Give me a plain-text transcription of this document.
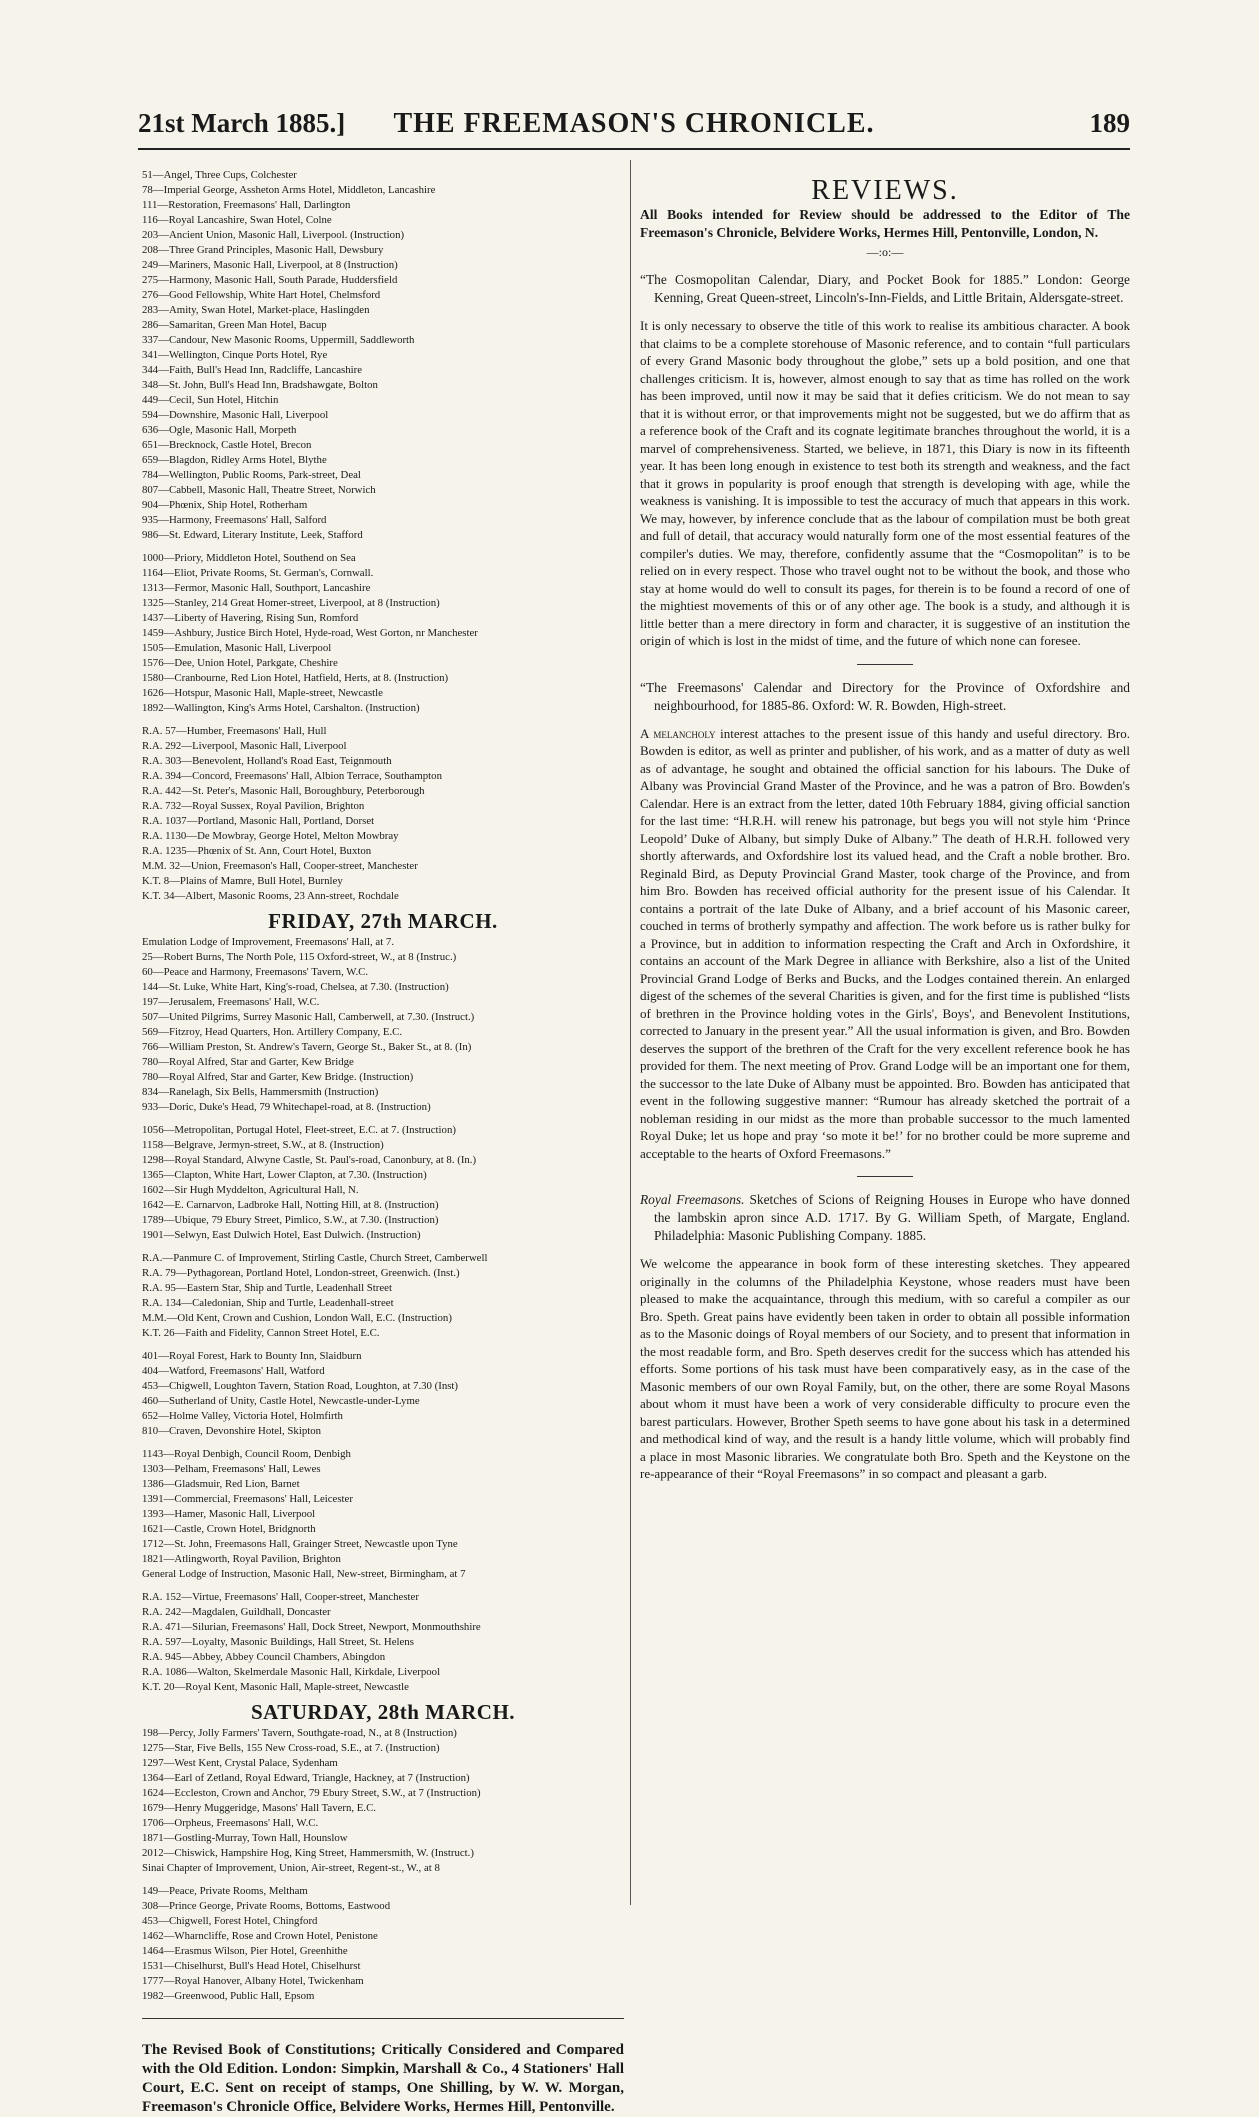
21st March 1885.]	THE FREEMASON'S CHRONICLE.	189
51—Angel, Three Cups, Colchester
78—Imperial George, Assheton Arms Hotel, Middleton, Lancashire
111—Restoration, Freemasons' Hall, Darlington
116—Royal Lancashire, Swan Hotel, Colne
203—Ancient Union, Masonic Hall, Liverpool. (Instruction)
208—Three Grand Principles, Masonic Hall, Dewsbury
249—Mariners, Masonic Hall, Liverpool, at 8 (Instruction)
275—Harmony, Masonic Hall, South Parade, Huddersfield
276—Good Fellowship, White Hart Hotel, Chelmsford
283—Amity, Swan Hotel, Market-place, Haslingden
286—Samaritan, Green Man Hotel, Bacup
337—Candour, New Masonic Rooms, Uppermill, Saddleworth
341—Wellington, Cinque Ports Hotel, Rye
344—Faith, Bull's Head Inn, Radcliffe, Lancashire
348—St. John, Bull's Head Inn, Bradshawgate, Bolton
449—Cecil, Sun Hotel, Hitchin
594—Downshire, Masonic Hall, Liverpool
636—Ogle, Masonic Hall, Morpeth
651—Brecknock, Castle Hotel, Brecon
659—Blagdon, Ridley Arms Hotel, Blythe
784—Wellington, Public Rooms, Park-street, Deal
807—Cabbell, Masonic Hall, Theatre Street, Norwich
904—Phœnix, Ship Hotel, Rotherham
935—Harmony, Freemasons' Hall, Salford
986—St. Edward, Literary Institute, Leek, Stafford
1000—Priory, Middleton Hotel, Southend on Sea
1164—Eliot, Private Rooms, St. German's, Cornwall.
1313—Fermor, Masonic Hall, Southport, Lancashire
1325—Stanley, 214 Great Homer-street, Liverpool, at 8 (Instruction)
1437—Liberty of Havering, Rising Sun, Romford
1459—Ashbury, Justice Birch Hotel, Hyde-road, West Gorton, nr Manchester
1505—Emulation, Masonic Hall, Liverpool
1576—Dee, Union Hotel, Parkgate, Cheshire
1580—Cranbourne, Red Lion Hotel, Hatfield, Herts, at 8. (Instruction)
1626—Hotspur, Masonic Hall, Maple-street, Newcastle
1892—Wallington, King's Arms Hotel, Carshalton. (Instruction)
R.A. 57—Humber, Freemasons' Hall, Hull
R.A. 292—Liverpool, Masonic Hall, Liverpool
R.A. 303—Benevolent, Holland's Road East, Teignmouth
R.A. 394—Concord, Freemasons' Hall, Albion Terrace, Southampton
R.A. 442—St. Peter's, Masonic Hall, Boroughbury, Peterborough
R.A. 732—Royal Sussex, Royal Pavilion, Brighton
R.A. 1037—Portland, Masonic Hall, Portland, Dorset
R.A. 1130—De Mowbray, George Hotel, Melton Mowbray
R.A. 1235—Phœnix of St. Ann, Court Hotel, Buxton
M.M. 32—Union, Freemason's Hall, Cooper-street, Manchester
K.T. 8—Plains of Mamre, Bull Hotel, Burnley
K.T. 34—Albert, Masonic Rooms, 23 Ann-street, Rochdale
FRIDAY, 27th MARCH.
Emulation Lodge of Improvement, Freemasons' Hall, at 7.
25—Robert Burns, The North Pole, 115 Oxford-street, W., at 8 (Instruc.)
60—Peace and Harmony, Freemasons' Tavern, W.C.
144—St. Luke, White Hart, King's-road, Chelsea, at 7.30. (Instruction)
197—Jerusalem, Freemasons' Hall, W.C.
507—United Pilgrims, Surrey Masonic Hall, Camberwell, at 7.30. (Instruct.)
569—Fitzroy, Head Quarters, Hon. Artillery Company, E.C.
766—William Preston, St. Andrew's Tavern, George St., Baker St., at 8. (In)
780—Royal Alfred, Star and Garter, Kew Bridge
780—Royal Alfred, Star and Garter, Kew Bridge. (Instruction)
834—Ranelagh, Six Bells, Hammersmith (Instruction)
933—Doric, Duke's Head, 79 Whitechapel-road, at 8. (Instruction)
1056—Metropolitan, Portugal Hotel, Fleet-street, E.C. at 7. (Instruction)
1158—Belgrave, Jermyn-street, S.W., at 8. (Instruction)
1298—Royal Standard, Alwyne Castle, St. Paul's-road, Canonbury, at 8. (In.)
1365—Clapton, White Hart, Lower Clapton, at 7.30. (Instruction)
1602—Sir Hugh Myddelton, Agricultural Hall, N.
1642—E. Carnarvon, Ladbroke Hall, Notting Hill, at 8. (Instruction)
1789—Ubique, 79 Ebury Street, Pimlico, S.W., at 7.30. (Instruction)
1901—Selwyn, East Dulwich Hotel, East Dulwich. (Instruction)
R.A.—Panmure C. of Improvement, Stirling Castle, Church Street, Camberwell
R.A. 79—Pythagorean, Portland Hotel, London-street, Greenwich. (Inst.)
R.A. 95—Eastern Star, Ship and Turtle, Leadenhall Street
R.A. 134—Caledonian, Ship and Turtle, Leadenhall-street
M.M.—Old Kent, Crown and Cushion, London Wall, E.C. (Instruction)
K.T. 26—Faith and Fidelity, Cannon Street Hotel, E.C.
401—Royal Forest, Hark to Bounty Inn, Slaidburn
404—Watford, Freemasons' Hall, Watford
453—Chigwell, Loughton Tavern, Station Road, Loughton, at 7.30 (Inst)
460—Sutherland of Unity, Castle Hotel, Newcastle-under-Lyme
652—Holme Valley, Victoria Hotel, Holmfirth
810—Craven, Devonshire Hotel, Skipton
1143—Royal Denbigh, Council Room, Denbigh
1303—Pelham, Freemasons' Hall, Lewes
1386—Gladsmuir, Red Lion, Barnet
1391—Commercial, Freemasons' Hall, Leicester
1393—Hamer, Masonic Hall, Liverpool
1621—Castle, Crown Hotel, Bridgnorth
1712—St. John, Freemasons Hall, Grainger Street, Newcastle upon Tyne
1821—Atlingworth, Royal Pavilion, Brighton
General Lodge of Instruction, Masonic Hall, New-street, Birmingham, at 7
R.A. 152—Virtue, Freemasons' Hall, Cooper-street, Manchester
R.A. 242—Magdalen, Guildhall, Doncaster
R.A. 471—Silurian, Freemasons' Hall, Dock Street, Newport, Monmouthshire
R.A. 597—Loyalty, Masonic Buildings, Hall Street, St. Helens
R.A. 945—Abbey, Abbey Council Chambers, Abingdon
R.A. 1086—Walton, Skelmerdale Masonic Hall, Kirkdale, Liverpool
K.T. 20—Royal Kent, Masonic Hall, Maple-street, Newcastle
SATURDAY, 28th MARCH.
198—Percy, Jolly Farmers' Tavern, Southgate-road, N., at 8 (Instruction)
1275—Star, Five Bells, 155 New Cross-road, S.E., at 7. (Instruction)
1297—West Kent, Crystal Palace, Sydenham
1364—Earl of Zetland, Royal Edward, Triangle, Hackney, at 7 (Instruction)
1624—Eccleston, Crown and Anchor, 79 Ebury Street, S.W., at 7 (Instruction)
1679—Henry Muggeridge, Masons' Hall Tavern, E.C.
1706—Orpheus, Freemasons' Hall, W.C.
1871—Gostling-Murray, Town Hall, Hounslow
2012—Chiswick, Hampshire Hog, King Street, Hammersmith, W. (Instruct.)
Sinai Chapter of Improvement, Union, Air-street, Regent-st., W., at 8
149—Peace, Private Rooms, Meltham
308—Prince George, Private Rooms, Bottoms, Eastwood
453—Chigwell, Forest Hotel, Chingford
1462—Wharncliffe, Rose and Crown Hotel, Penistone
1464—Erasmus Wilson, Pier Hotel, Greenhithe
1531—Chiselhurst, Bull's Head Hotel, Chiselhurst
1777—Royal Hanover, Albany Hotel, Twickenham
1982—Greenwood, Public Hall, Epsom
The Revised Book of Constitutions; Critically Considered and Compared with the Old Edition. London: Simpkin, Marshall & Co., 4 Stationers' Hall Court, E.C. Sent on receipt of stamps, One Shilling, by W. W. Morgan, Freemason's Chronicle Office, Belvidere Works, Hermes Hill, Pentonville.
REVIEWS.
All Books intended for Review should be addressed to the Editor of The Freemason's Chronicle, Belvidere Works, Hermes Hill, Pentonville, London, N.
—:o:—
“The Cosmopolitan Calendar, Diary, and Pocket Book for 1885.” London: George Kenning, Great Queen-street, Lincoln's-Inn-Fields, and Little Britain, Aldersgate-street.

It is only necessary to observe the title of this work to realise its ambitious character. A book that claims to be a complete storehouse of Masonic reference, and to contain “full particulars of every Grand Masonic body throughout the globe,” sets up a bold position, and one that challenges criticism. It is, however, almost enough to say that as time has rolled on the work has been improved, until now it may be said that it defies criticism. We do not mean to say that it is without error, or that improvements might not be suggested, but we do affirm that as a reference book of the Craft and its cognate legitimate branches throughout the world, it is a marvel of comprehensiveness. Started, we believe, in 1871, this Diary is now in its fifteenth year. It has been long enough in existence to test both its strength and weakness, and the fact that it grows in popularity is proof enough that strength is developing with age, while the weakness is vanishing. It is impossible to test the accuracy of much that appears in this work. We may, however, by inference conclude that as the labour of compilation must be both great and full of detail, that accuracy would naturally form one of the most essential features of the compiler's duties. We may, therefore, confidently assume that the “Cosmopolitan” is to be relied on in every respect. Those who travel ought not to be without the book, and those who stay at home would do well to consult its pages, for therein is to be found a record of one of the mightiest movements of this or of any other age. The book is a study, and although it is little better than a mere directory in form and character, it is suggestive of an institution the origin of which is lost in the midst of time, and the future of which none can foresee.

“The Freemasons' Calendar and Directory for the Province of Oxfordshire and neighbourhood, for 1885-86. Oxford: W. R. Bowden, High-street.

A melancholy interest attaches to the present issue of this handy and useful directory. Bro. Bowden is editor, as well as printer and publisher, of his work, and as a matter of duty as well as of advantage, he sought and obtained the official sanction for his labours. The Duke of Albany was Provincial Grand Master of the Province, and he was a patron of Bro. Bowden's Calendar. Here is an extract from the letter, dated 10th February 1884, giving official sanction for the last time: “H.R.H. will renew his patronage, but begs you will not style him ‘Prince Leopold’ Duke of Albany, but simply Duke of Albany.” The death of H.R.H. followed very shortly afterwards, and Oxfordshire lost its valued head, and the Craft a noble brother. Bro. Reginald Bird, as Deputy Provincial Grand Master, took charge of the Province, and from him Bro. Bowden has received official authority for the present issue of his Calendar. It contains a portrait of the late Duke of Albany, and a brief account of his Masonic career, couched in terms of brotherly sympathy and affection. The work before us is rather bulky for a Province, but in addition to information respecting the Craft and Arch in Oxfordshire, it contains an account of the Mark Degree in alliance with Berkshire, also a list of the United Provincial Grand Lodge of Berks and Bucks, and the Lodges contained therein. An enlarged digest of the schemes of the several Charities is given, and for the first time is published “lists of brethren in the Province holding votes in the Girls', Boys', and Benevolent Institutions, corrected to January in the present year.” All the usual information is given, and Bro. Bowden deserves the support of the brethren of the Craft for the very excellent reference book he has provided for them. The next meeting of Prov. Grand Lodge will be an important one for them, the successor to the late Duke of Albany must be appointed. Bro. Bowden has anticipated that event in the following suggestive manner: “Rumour has already sketched the portrait of a nobleman residing in our midst as the more than probable successor to the much lamented Royal Duke; let us hope and pray ‘so mote it be!’ for no brother could be more supreme and acceptable to the hearts of Oxford Freemasons.”

Royal Freemasons. Sketches of Scions of Reigning Houses in Europe who have donned the lambskin apron since A.D. 1717. By G. William Speth, of Margate, England. Philadelphia: Masonic Publishing Company. 1885.

We welcome the appearance in book form of these interesting sketches. They appeared originally in the columns of the Philadelphia Keystone, whose readers must have been pleased to make the acquaintance, through this medium, with so careful a compiler as our Bro. Speth. Great pains have evidently been taken in order to obtain all possible information as to the Masonic doings of Royal members of our Society, and to present that information in the most readable form, and Bro. Speth deserves credit for the success which has attended his efforts. Some portions of his task must have been comparatively easy, as in the case of the Masonic members of our own Royal Family, but, on the other, there are some Royal Masons about whom it must have been a work of very considerable difficulty to procure even the barest particulars. However, Brother Speth seems to have gone about his task in a determined and methodical kind of way, and the result is a handy little volume, which will probably find a place in most Masonic libraries. We congratulate both Bro. Speth and the Keystone on the re-appearance of their “Royal Freemasons” in so compact and pleasant a garb.
